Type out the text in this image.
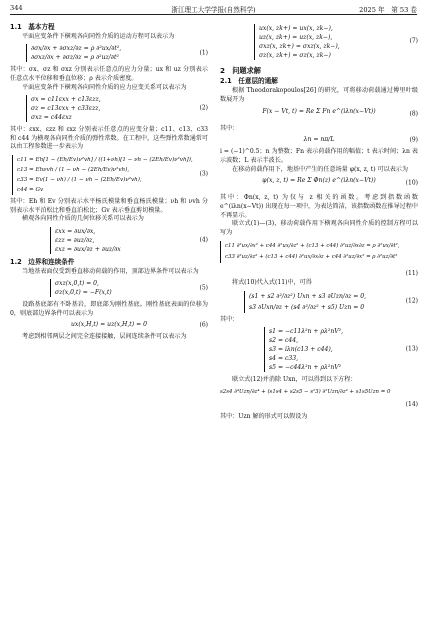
344	浙江理工大学学报(自然科学)	2025 年　第 53 卷
1.1　基本方程

平面应变条件下横观各向同性介质的运动方程可以表示为

∂σx/∂x + ∂σxz/∂z = ρ ∂²ux/∂t²,
∂σxz/∂x + ∂σz/∂z = ρ ∂²uz/∂t²
(1)

其中：σx、σz 和 σxz 分别表示任意点的应力分量；ux 和 uz 分别表示任意点水平位移和垂直位移；ρ 表示介质密度。

平面应变条件下横观各向同性介质的应力应变关系可以表示为

σx = c11εxx + c13εzz,
σz = c13εxx + c33εzz,
σxz = c44εxz
(2)

其中：εxx、εzz 和 εxz 分别表示任意点的应变分量；c11、c13、c33 和 c44 为横观各向同性介质的弹性常数。在工程中，这些弹性常数通常可以由工程参数进一步表示为

c11 = Eh[1 − (Eh/Ev)ν²vh] / ((1+νh)[1 − νh − (2Eh/Ev)ν²vh]),
c13 = Ehνvh / (1 − νh − (2Eh/Ev)ν²vh),
c33 = Ev(1 − νh) / (1 − νh − (2Eh/Ev)ν²vh),
c44 = Gv
(3)

其中：Eh 和 Ev 分别表示水平杨氏模量和垂直杨氏模量；νh 和 νvh 分别表示水平泊松比和垂直泊松比；Gv 表示垂直剪切模量。

横观各向同性介质的几何位移关系可以表示为

εxx = ∂ux/∂x,
εzz = ∂uz/∂z,
εxz = ∂ux/∂z + ∂uz/∂x
(4)
1.2　边界和连续条件

当地基表面仅受到垂直移动荷载的作用，顶部边界条件可以表示为

σxz(x,0,t) = 0,
σz(x,0,t) = −F(x,t)
(5)

设路基底部有不卧基岩，即底部为刚性基底。刚性基底表面的位移为 0，则底部边界条件可以表示为

ux(x,H,t) = uz(x,H,t) = 0	(6)

考虑到相邻两层之间完全连接接触，层间连续条件可以表示为

ux(x, zk+) = ux(x, zk−),
uz(x, zk+) = uz(x, zk−),
σxz(x, zk+) = σxz(x, zk−),
σz(x, zk+) = σz(x, zk−)
(7)
2　问题求解
2.1　任意层的通解

根据 Theodorakopoulos[26] 的研究，可将移动荷载通过傅里叶级数展开为

F(x − Vt, t) = Re Σ Fn e^(iλn(x−Vt))	(8)

其中：

λn = nπ/L	(9)

i = (−1)^0.5；n 为整数；Fn 表示荷载作用的幅值；t 表示时间；λn 表示波数；L 表示半波长。

在移动荷载作用下，地基中产生的任意场量 φ(x, z, t) 可以表示为

φ(x, z, t) = Re Σ Φn(z) e^(iλn(x−Vt))	(10)

其中：Φn(x, z, t) 为仅与 z 相关的函数。考虑到指数函数 e^(iλn(x−Vt)) 出现在每一项中，为表达简洁，该指数函数在推导过程中不再显示。

联立式(1)—(3)，移动荷载作用下横观各向同性介质的控制方程可以写为

c11 ∂²ux/∂x² + c44 ∂²ux/∂z² + (c13 + c44) ∂²uz/∂x∂z = ρ ∂²ux/∂t²,
c33 ∂²uz/∂z² + (c13 + c44) ∂²ux/∂x∂z + c44 ∂²uz/∂x² = ρ ∂²uz/∂t²
(11)

将式(10)代入式(11)中，可得

(s1 + s2 ∂²/∂z²) Uxn + s3 ∂Uzn/∂z = 0,
s3 ∂Uxn/∂z + (s4 ∂²/∂z² + s5) Uzn = 0
(12)

其中：

s1 = −c11λ²n + ρλ²nV²,
s2 = c44,
s3 = iλn(c13 + c44),
s4 = c33,
s5 = −c44λ²n + ρλ²nV²
(13)

联立式(12)并消除 Uxn，可以得到以下方程：

s2s4 ∂⁴Uzn/∂z⁴ + (s1s4 + s2s5 − s²3) ∂²Uzn/∂z² + s1s5Uzn = 0
(14)

其中：Uzn 解的形式可以假设为
